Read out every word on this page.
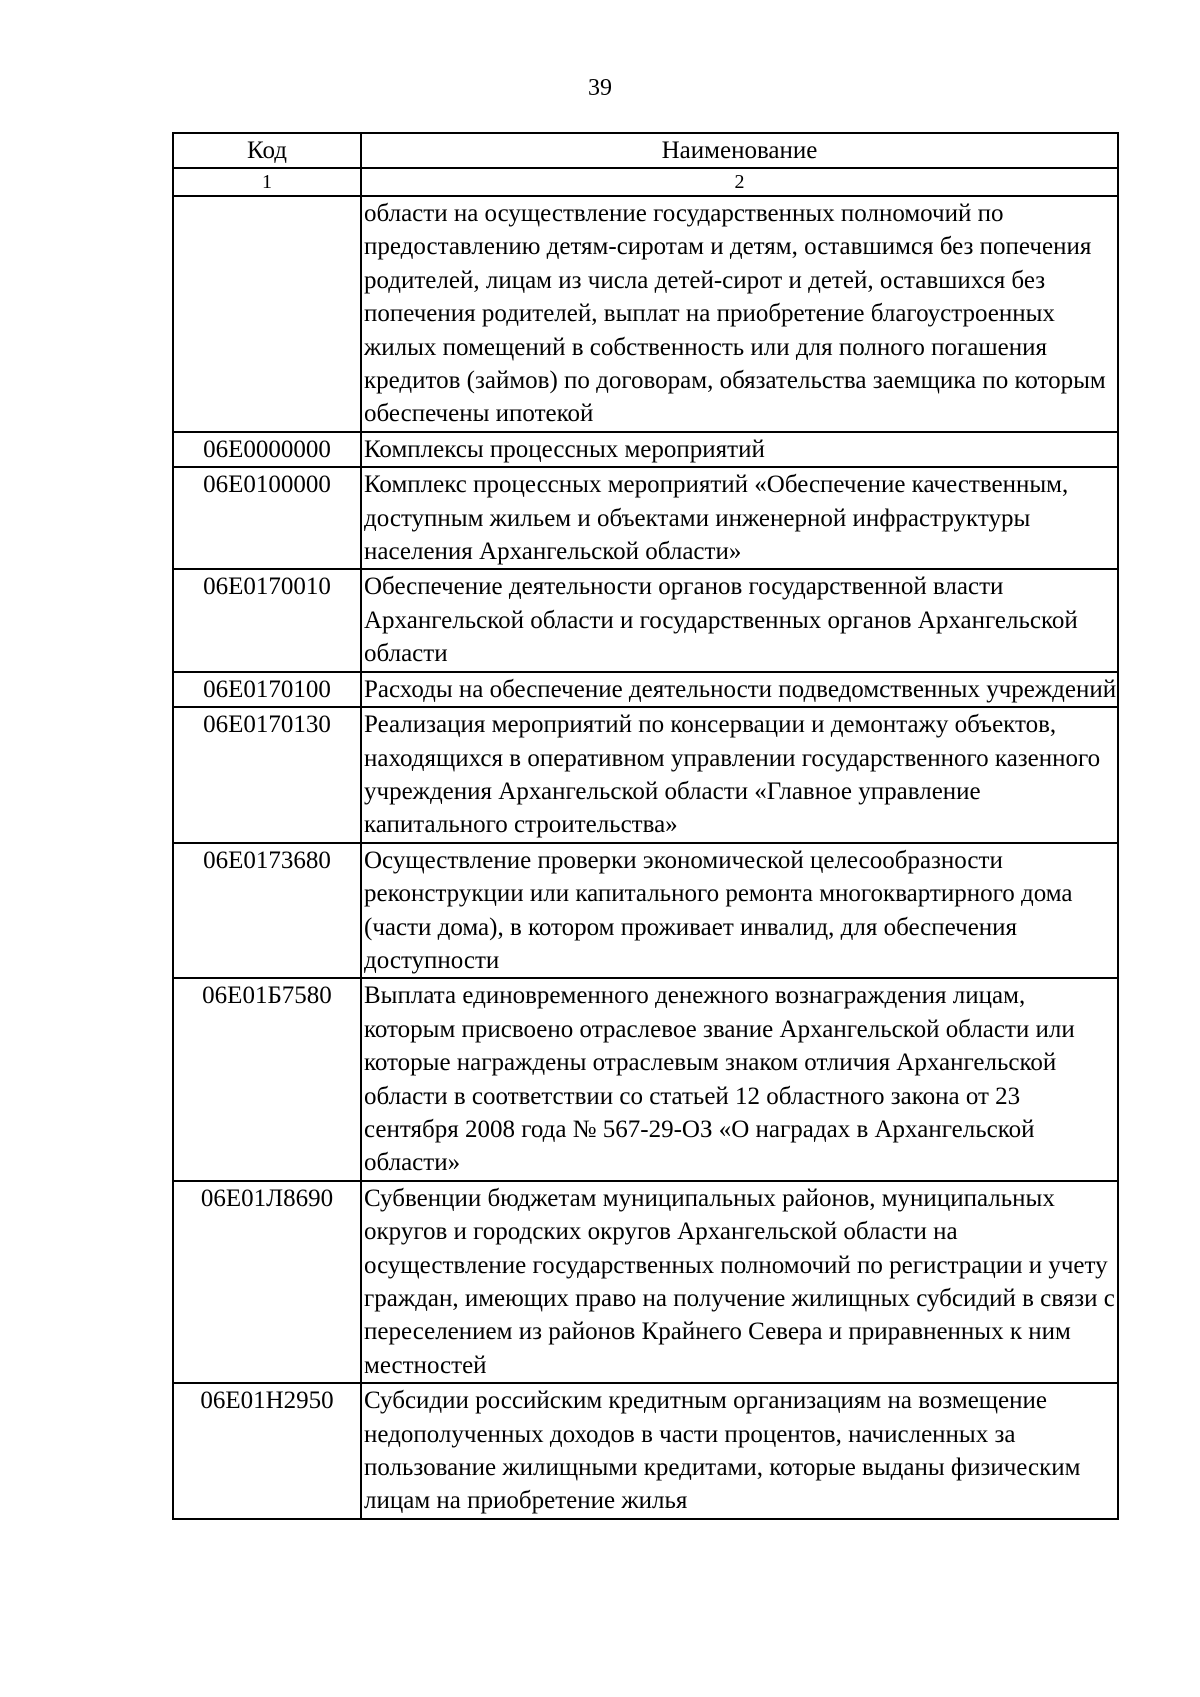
39
Код	Наименование
1	2
	области на осуществление государственных полномочий по предоставлению детям-сиротам и детям, оставшимся без попечения родителей, лицам из числа детей-сирот и детей, оставшихся без попечения родителей, выплат на приобретение благоустроенных жилых помещений в собственность или для полного погашения кредитов (займов) по договорам, обязательства заемщика по которым обеспечены ипотекой
06Е0000000	Комплексы процессных мероприятий
06Е0100000	Комплекс процессных мероприятий «Обеспечение качественным, доступным жильем и объектами инженерной инфраструктуры населения Архангельской области»
06Е0170010	Обеспечение деятельности органов государственной власти Архангельской области и государственных органов Архангельской области
06Е0170100	Расходы на обеспечение деятельности подведомственных учреждений
06Е0170130	Реализация мероприятий по консервации и демонтажу объектов, находящихся в оперативном управлении государственного казенного учреждения Архангельской области «Главное управление капитального строительства»
06Е0173680	Осуществление проверки экономической целесообразности реконструкции или капитального ремонта многоквартирного дома (части дома), в котором проживает инвалид, для обеспечения доступности
06Е01Б7580	Выплата единовременного денежного вознаграждения лицам, которым присвоено отраслевое звание Архангельской области или которые награждены отраслевым знаком отличия Архангельской области в соответствии со статьей 12 областного закона от 23 сентября 2008 года № 567-29-ОЗ «О наградах в Архангельской области»
06Е01Л8690	Субвенции бюджетам муниципальных районов, муниципальных округов и городских округов Архангельской области на осуществление государственных полномочий по регистрации и учету граждан, имеющих право на получение жилищных субсидий в связи с переселением из районов Крайнего Севера и приравненных к ним местностей
06Е01Н2950	Субсидии российским кредитным организациям на возмещение недополученных доходов в части процентов, начисленных за пользование жилищными кредитами, которые выданы физическим лицам на приобретение жилья
